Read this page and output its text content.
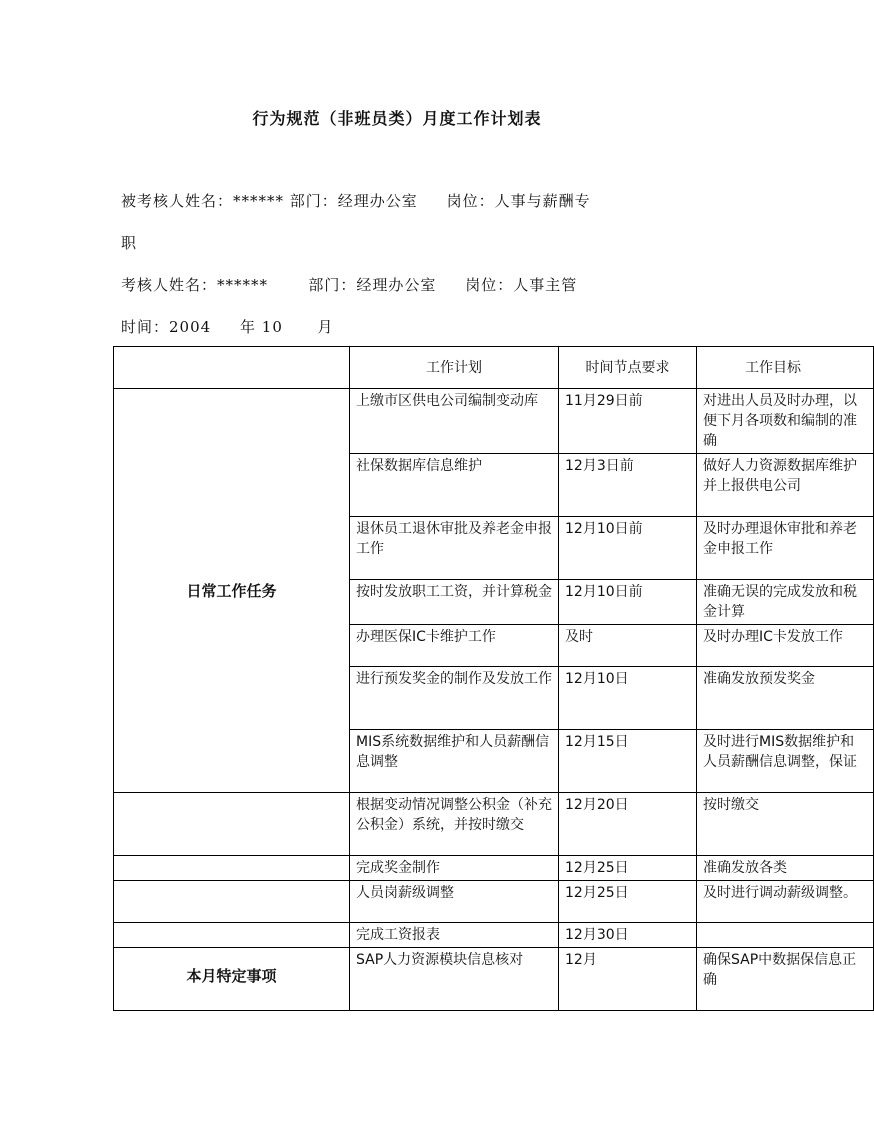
行为规范（非班员类）月度工作计划表
被考核人姓名：****** 部门：经理办公室     岗位：人事与薪酬专
职
考核人姓名：******       部门：经理办公室     岗位：人事主管
时间：2004     年 10      月
	工作计划	时间节点要求	工作目标
日常工作任务	上缴市区供电公司编制变动库	11月29日前	对进出人员及时办理，以便下月各项数和编制的准确
	社保数据库信息维护	12月3日前	做好人力资源数据库维护并上报供电公司
	退休员工退休审批及养老金申报工作	12月10日前	及时办理退休审批和养老金申报工作
	按时发放职工工资，并计算税金	12月10日前	准确无误的完成发放和税金计算
	办理医保IC卡维护工作	及时	及时办理IC卡发放工作
	进行预发奖金的制作及发放工作	12月10日	准确发放预发奖金
	MIS系统数据维护和人员薪酬信息调整	12月15日	及时进行MIS数据维护和人员薪酬信息调整，保证
	根据变动情况调整公积金（补充公积金）系统，并按时缴交	12月20日	按时缴交
	完成奖金制作	12月25日	准确发放各类
	人员岗薪级调整	12月25日	及时进行调动薪级调整。
	完成工资报表	12月30日	
本月特定事项	SAP人力资源模块信息核对	12月	确保SAP中数据保信息正确
